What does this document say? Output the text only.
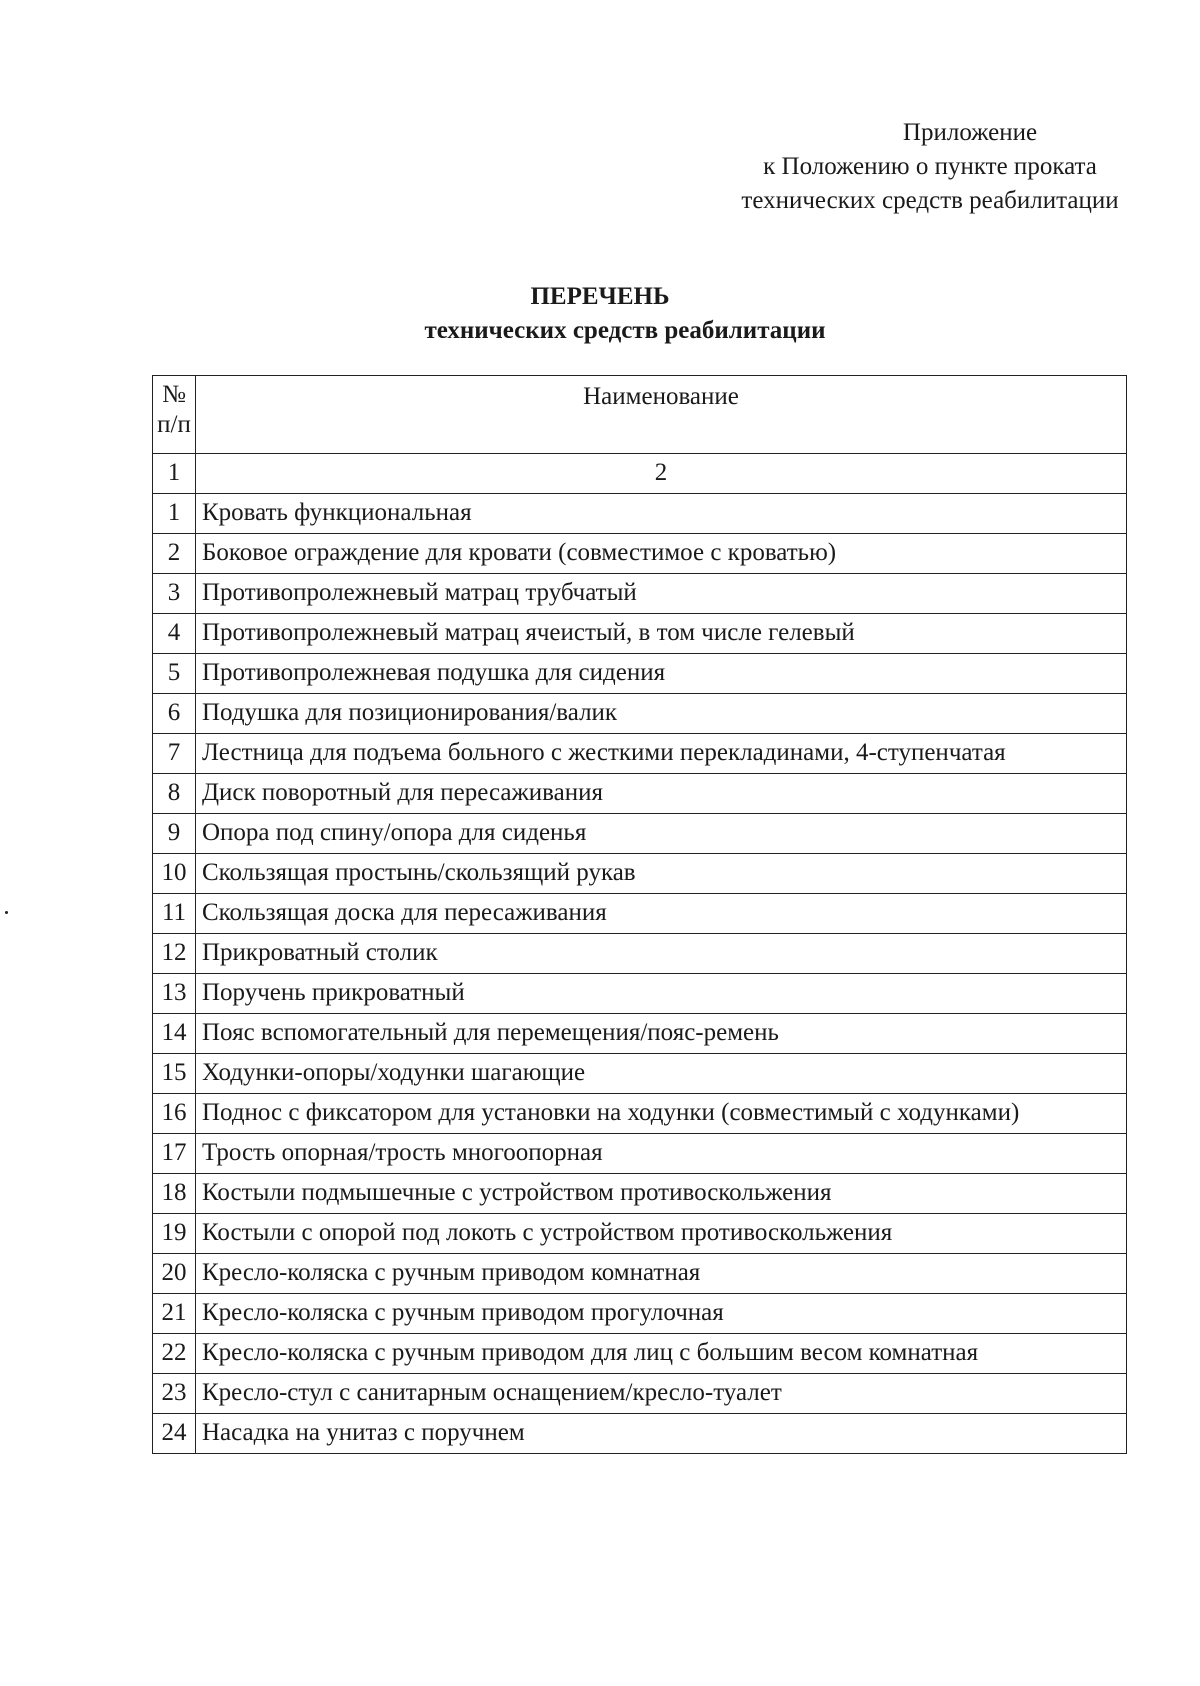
Приложение
к Положению о пункте проката
технических средств реабилитации
ПЕРЕЧЕНЬ
технических средств реабилитации
№
п/п	Наименование
1	2
1	Кровать функциональная
2	Боковое ограждение для кровати (совместимое с кроватью)
3	Противопролежневый матрац трубчатый
4	Противопролежневый матрац ячеистый, в том числе гелевый
5	Противопролежневая подушка для сидения
6	Подушка для позиционирования/валик
7	Лестница для подъема больного с жесткими перекладинами, 4-ступенчатая
8	Диск поворотный для пересаживания
9	Опора под спину/опора для сиденья
10	Скользящая простынь/скользящий рукав
11	Скользящая доска для пересаживания
12	Прикроватный столик
13	Поручень прикроватный
14	Пояс вспомогательный для перемещения/пояс-ремень
15	Ходунки-опоры/ходунки шагающие
16	Поднос с фиксатором для установки на ходунки (совместимый с ходунками)
17	Трость опорная/трость многоопорная
18	Костыли подмышечные с устройством противоскольжения
19	Костыли с опорой под локоть с устройством противоскольжения
20	Кресло-коляска с ручным приводом комнатная
21	Кресло-коляска с ручным приводом прогулочная
22	Кресло-коляска с ручным приводом для лиц с большим весом комнатная
23	Кресло-стул с санитарным оснащением/кресло-туалет
24	Насадка на унитаз с поручнем
